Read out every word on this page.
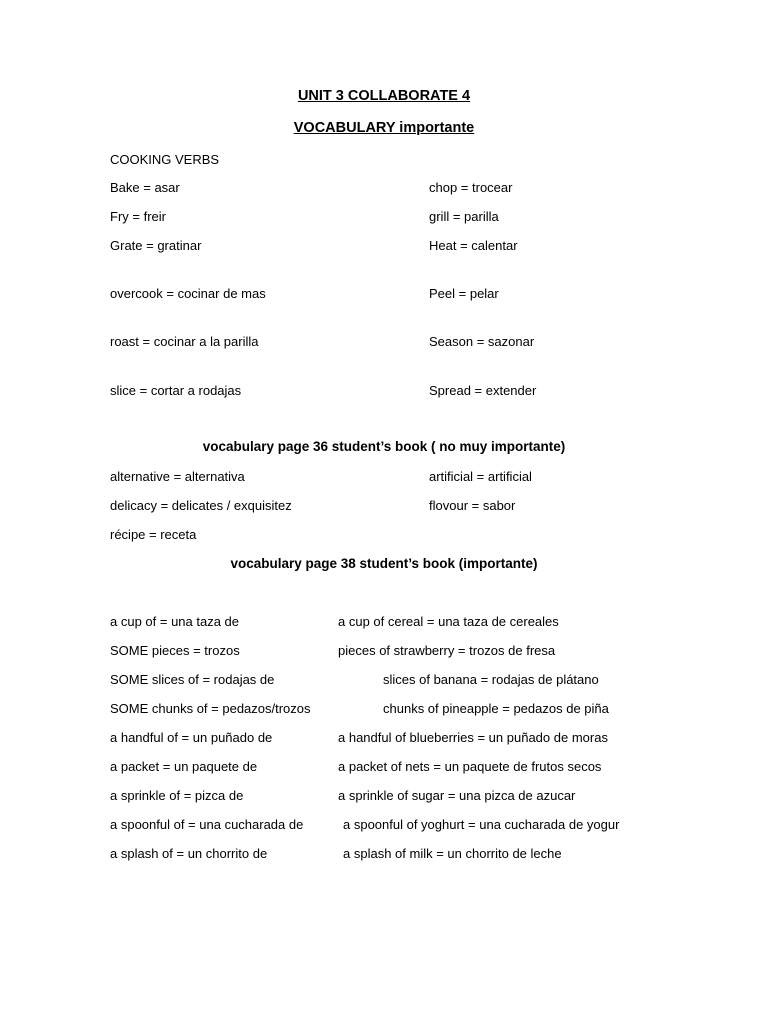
UNIT 3 COLLABORATE 4
VOCABULARY importante
COOKING VERBS
Bake = asar	chop = trocear
Fry = freir	grill = parilla
Grate = gratinar	Heat = calentar
overcook = cocinar de mas	Peel = pelar
roast = cocinar a la parilla	Season = sazonar
slice = cortar a rodajas	Spread = extender
vocabulary page 36 student’s book ( no muy importante)
alternative = alternativa	artificial = artificial
delicacy = delicates / exquisitez	flovour = sabor
récipe = receta
vocabulary page 38 student’s book (importante)
a cup of = una taza de	a cup of cereal = una taza de cereales
SOME pieces = trozos	pieces of strawberry = trozos de fresa
SOME slices of = rodajas de	slices of banana = rodajas de plátano
SOME chunks of = pedazos/trozos	chunks of pineapple = pedazos de piña
a handful of = un puñado de	a handful of blueberries = un puñado de moras
a packet = un paquete de	a packet of nets = un paquete de frutos secos
a sprinkle of = pizca de	a sprinkle of sugar = una pizca de azucar
a spoonful of = una cucharada de	a spoonful of yoghurt = una cucharada de yogur
a splash of = un chorrito de	a splash of milk = un chorrito de leche
